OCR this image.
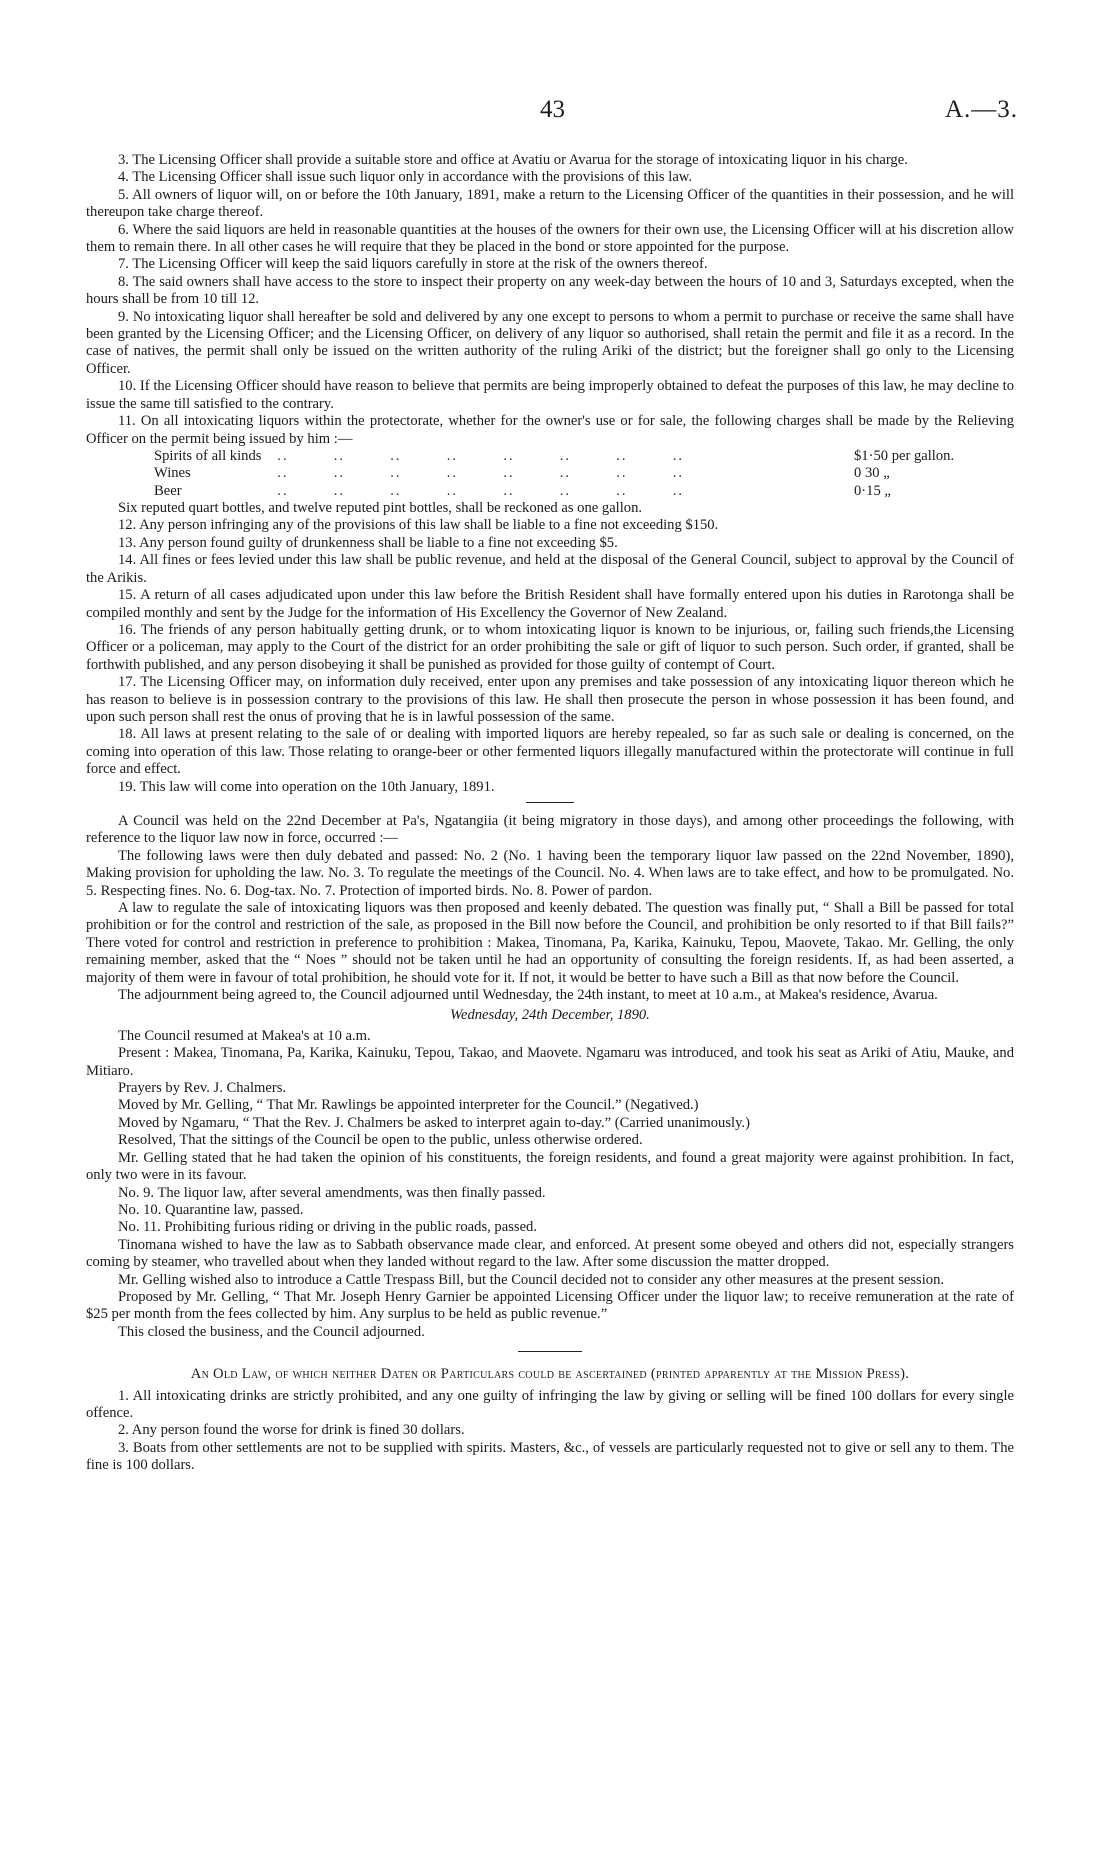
43	A.—3.

3. The Licensing Officer shall provide a suitable store and office at Avatiu or Avarua for the storage of intoxicating liquor in his charge.

4. The Licensing Officer shall issue such liquor only in accordance with the provisions of this law.

5. All owners of liquor will, on or before the 10th January, 1891, make a return to the Licensing Officer of the quantities in their possession, and he will thereupon take charge thereof.

6. Where the said liquors are held in reasonable quantities at the houses of the owners for their own use, the Licensing Officer will at his discretion allow them to remain there. In all other cases he will require that they be placed in the bond or store appointed for the purpose.

7. The Licensing Officer will keep the said liquors carefully in store at the risk of the owners thereof.

8. The said owners shall have access to the store to inspect their property on any week-day between the hours of 10 and 3, Saturdays excepted, when the hours shall be from 10 till 12.

9. No intoxicating liquor shall hereafter be sold and delivered by any one except to persons to whom a permit to purchase or receive the same shall have been granted by the Licensing Officer; and the Licensing Officer, on delivery of any liquor so authorised, shall retain the permit and file it as a record. In the case of natives, the permit shall only be issued on the written authority of the ruling Ariki of the district; but the foreigner shall go only to the Licensing Officer.

10. If the Licensing Officer should have reason to believe that permits are being improperly obtained to defeat the purposes of this law, he may decline to issue the same till satisfied to the contrary.

11. On all intoxicating liquors within the protectorate, whether for the owner's use or for sale, the following charges shall be made by the Relieving Officer on the permit being issued by him :—

Spirits of all kinds ..        ..        ..        ..        ..        ..        ..        ..	$1·50 per gallon.
Wines	..        ..        ..        ..        ..        ..        ..        ..	0 30 „
Beer	..        ..        ..        ..        ..        ..        ..        ..	0·15 „

Six reputed quart bottles, and twelve reputed pint bottles, shall be reckoned as one gallon.

12. Any person infringing any of the provisions of this law shall be liable to a fine not exceeding $150.

13. Any person found guilty of drunkenness shall be liable to a fine not exceeding $5.

14. All fines or fees levied under this law shall be public revenue, and held at the disposal of the General Council, subject to approval by the Council of the Arikis.

15. A return of all cases adjudicated upon under this law before the British Resident shall have formally entered upon his duties in Rarotonga shall be compiled monthly and sent by the Judge for the information of His Excellency the Governor of New Zealand.

16. The friends of any person habitually getting drunk, or to whom intoxicating liquor is known to be injurious, or, failing such friends,the Licensing Officer or a policeman, may apply to the Court of the district for an order prohibiting the sale or gift of liquor to such person. Such order, if granted, shall be forthwith published, and any person disobeying it shall be punished as provided for those guilty of contempt of Court.

17. The Licensing Officer may, on information duly received, enter upon any premises and take possession of any intoxicating liquor thereon which he has reason to believe is in possession contrary to the provisions of this law. He shall then prosecute the person in whose possession it has been found, and upon such person shall rest the onus of proving that he is in lawful possession of the same.

18. All laws at present relating to the sale of or dealing with imported liquors are hereby repealed, so far as such sale or dealing is concerned, on the coming into operation of this law. Those relating to orange-beer or other fermented liquors illegally manufactured within the protectorate will continue in full force and effect.

19. This law will come into operation on the 10th January, 1891.

A Council was held on the 22nd December at Pa's, Ngatangiia (it being migratory in those days), and among other proceedings the following, with reference to the liquor law now in force, occurred :—

The following laws were then duly debated and passed: No. 2 (No. 1 having been the temporary liquor law passed on the 22nd November, 1890), Making provision for upholding the law. No. 3. To regulate the meetings of the Council. No. 4. When laws are to take effect, and how to be promulgated. No. 5. Respecting fines. No. 6. Dog-tax. No. 7. Protection of imported birds. No. 8. Power of pardon.

A law to regulate the sale of intoxicating liquors was then proposed and keenly debated. The question was finally put, “ Shall a Bill be passed for total prohibition or for the control and restriction of the sale, as proposed in the Bill now before the Council, and prohibition be only resorted to if that Bill fails?” There voted for control and restriction in preference to prohibition : Makea, Tinomana, Pa, Karika, Kainuku, Tepou, Maovete, Takao. Mr. Gelling, the only remaining member, asked that the “ Noes ” should not be taken until he had an opportunity of consulting the foreign residents. If, as had been asserted, a majority of them were in favour of total prohibition, he should vote for it. If not, it would be better to have such a Bill as that now before the Council.

The adjournment being agreed to, the Council adjourned until Wednesday, the 24th instant, to meet at 10 a.m., at Makea's residence, Avarua.

Wednesday, 24th December, 1890.

The Council resumed at Makea's at 10 a.m.

Present : Makea, Tinomana, Pa, Karika, Kainuku, Tepou, Takao, and Maovete. Ngamaru was introduced, and took his seat as Ariki of Atiu, Mauke, and Mitiaro.

Prayers by Rev. J. Chalmers.

Moved by Mr. Gelling, “ That Mr. Rawlings be appointed interpreter for the Council.” (Negatived.)

Moved by Ngamaru, “ That the Rev. J. Chalmers be asked to interpret again to-day.” (Carried unanimously.)

Resolved, That the sittings of the Council be open to the public, unless otherwise ordered.

Mr. Gelling stated that he had taken the opinion of his constituents, the foreign residents, and found a great majority were against prohibition. In fact, only two were in its favour.

No. 9. The liquor law, after several amendments, was then finally passed.

No. 10. Quarantine law, passed.

No. 11. Prohibiting furious riding or driving in the public roads, passed.

Tinomana wished to have the law as to Sabbath observance made clear, and enforced. At present some obeyed and others did not, especially strangers coming by steamer, who travelled about when they landed without regard to the law. After some discussion the matter dropped.

Mr. Gelling wished also to introduce a Cattle Trespass Bill, but the Council decided not to consider any other measures at the present session.

Proposed by Mr. Gelling, “ That Mr. Joseph Henry Garnier be appointed Licensing Officer under the liquor law; to receive remuneration at the rate of $25 per month from the fees collected by him. Any surplus to be held as public revenue.”

This closed the business, and the Council adjourned.

An Old Law, of which neither Daten or Particulars could be ascertained (printed apparently at the Mission Press).

1. All intoxicating drinks are strictly prohibited, and any one guilty of infringing the law by giving or selling will be fined 100 dollars for every single offence.

2. Any person found the worse for drink is fined 30 dollars.

3. Boats from other settlements are not to be supplied with spirits. Masters, &c., of vessels are particularly requested not to give or sell any to them. The fine is 100 dollars.
